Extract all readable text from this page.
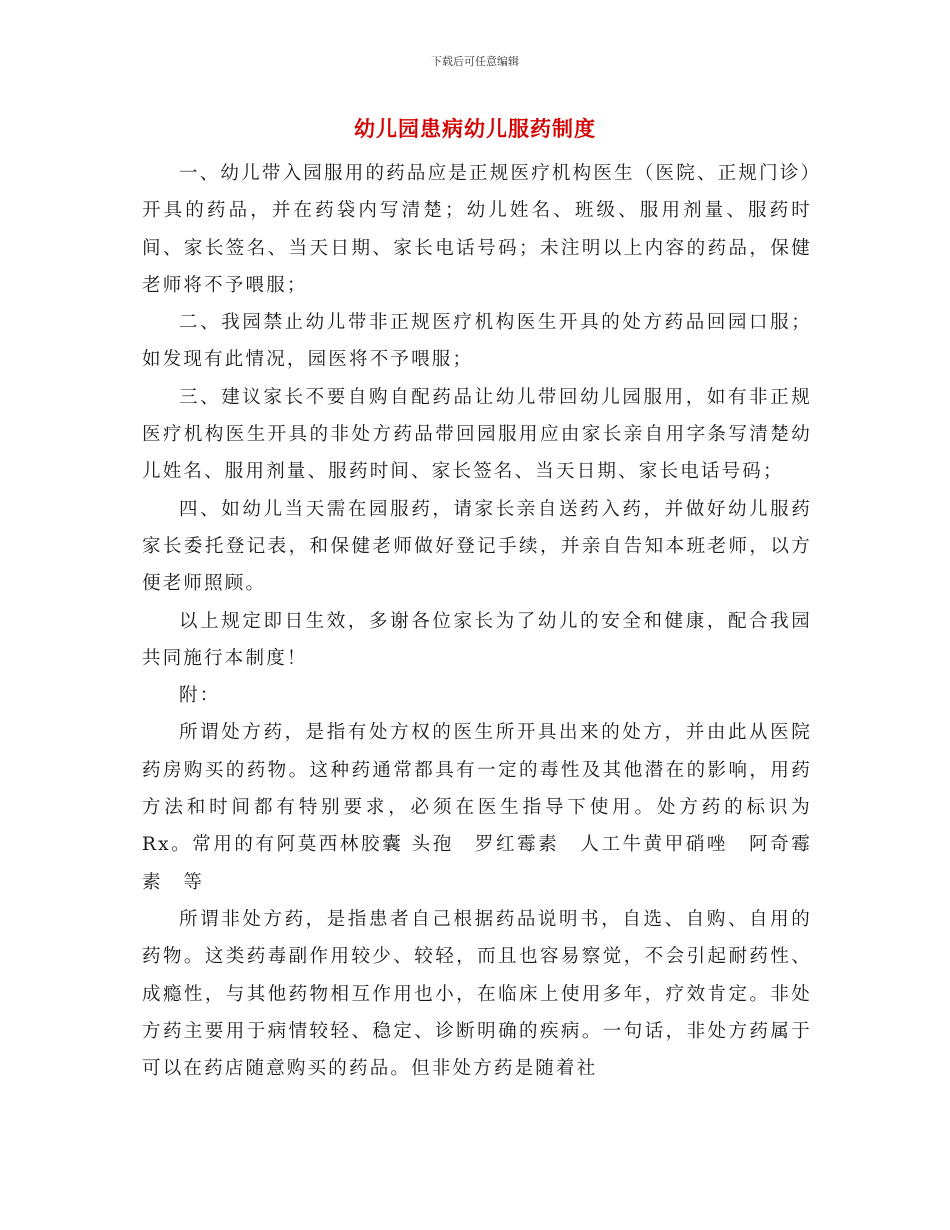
下载后可任意编辑
幼儿园患病幼儿服药制度

一、幼儿带入园服用的药品应是正规医疗机构医生（医院、正规门诊）开具的药品，并在药袋内写清楚；幼儿姓名、班级、服用剂量、服药时间、家长签名、当天日期、家长电话号码；未注明以上内容的药品，保健老师将不予喂服；

二、我园禁止幼儿带非正规医疗机构医生开具的处方药品回园口服；如发现有此情况，园医将不予喂服；

三、建议家长不要自购自配药品让幼儿带回幼儿园服用，如有非正规医疗机构医生开具的非处方药品带回园服用应由家长亲自用字条写清楚幼儿姓名、服用剂量、服药时间、家长签名、当天日期、家长电话号码；

四、如幼儿当天需在园服药，请家长亲自送药入药，并做好幼儿服药家长委托登记表，和保健老师做好登记手续，并亲自告知本班老师，以方便老师照顾。

以上规定即日生效，多谢各位家长为了幼儿的安全和健康，配合我园共同施行本制度！

附：

所谓处方药，是指有处方权的医生所开具出来的处方，并由此从医院药房购买的药物。这种药通常都具有一定的毒性及其他潜在的影响，用药方法和时间都有特别要求，必须在医生指导下使用。处方药的标识为Rx。常用的有阿莫西林胶囊 头孢　罗红霉素　人工牛黄甲硝唑　阿奇霉素　等

所谓非处方药，是指患者自己根据药品说明书，自选、自购、自用的药物。这类药毒副作用较少、较轻，而且也容易察觉，不会引起耐药性、成瘾性，与其他药物相互作用也小，在临床上使用多年，疗效肯定。非处方药主要用于病情较轻、稳定、诊断明确的疾病。一句话，非处方药属于可以在药店随意购买的药品。但非处方药是随着社
